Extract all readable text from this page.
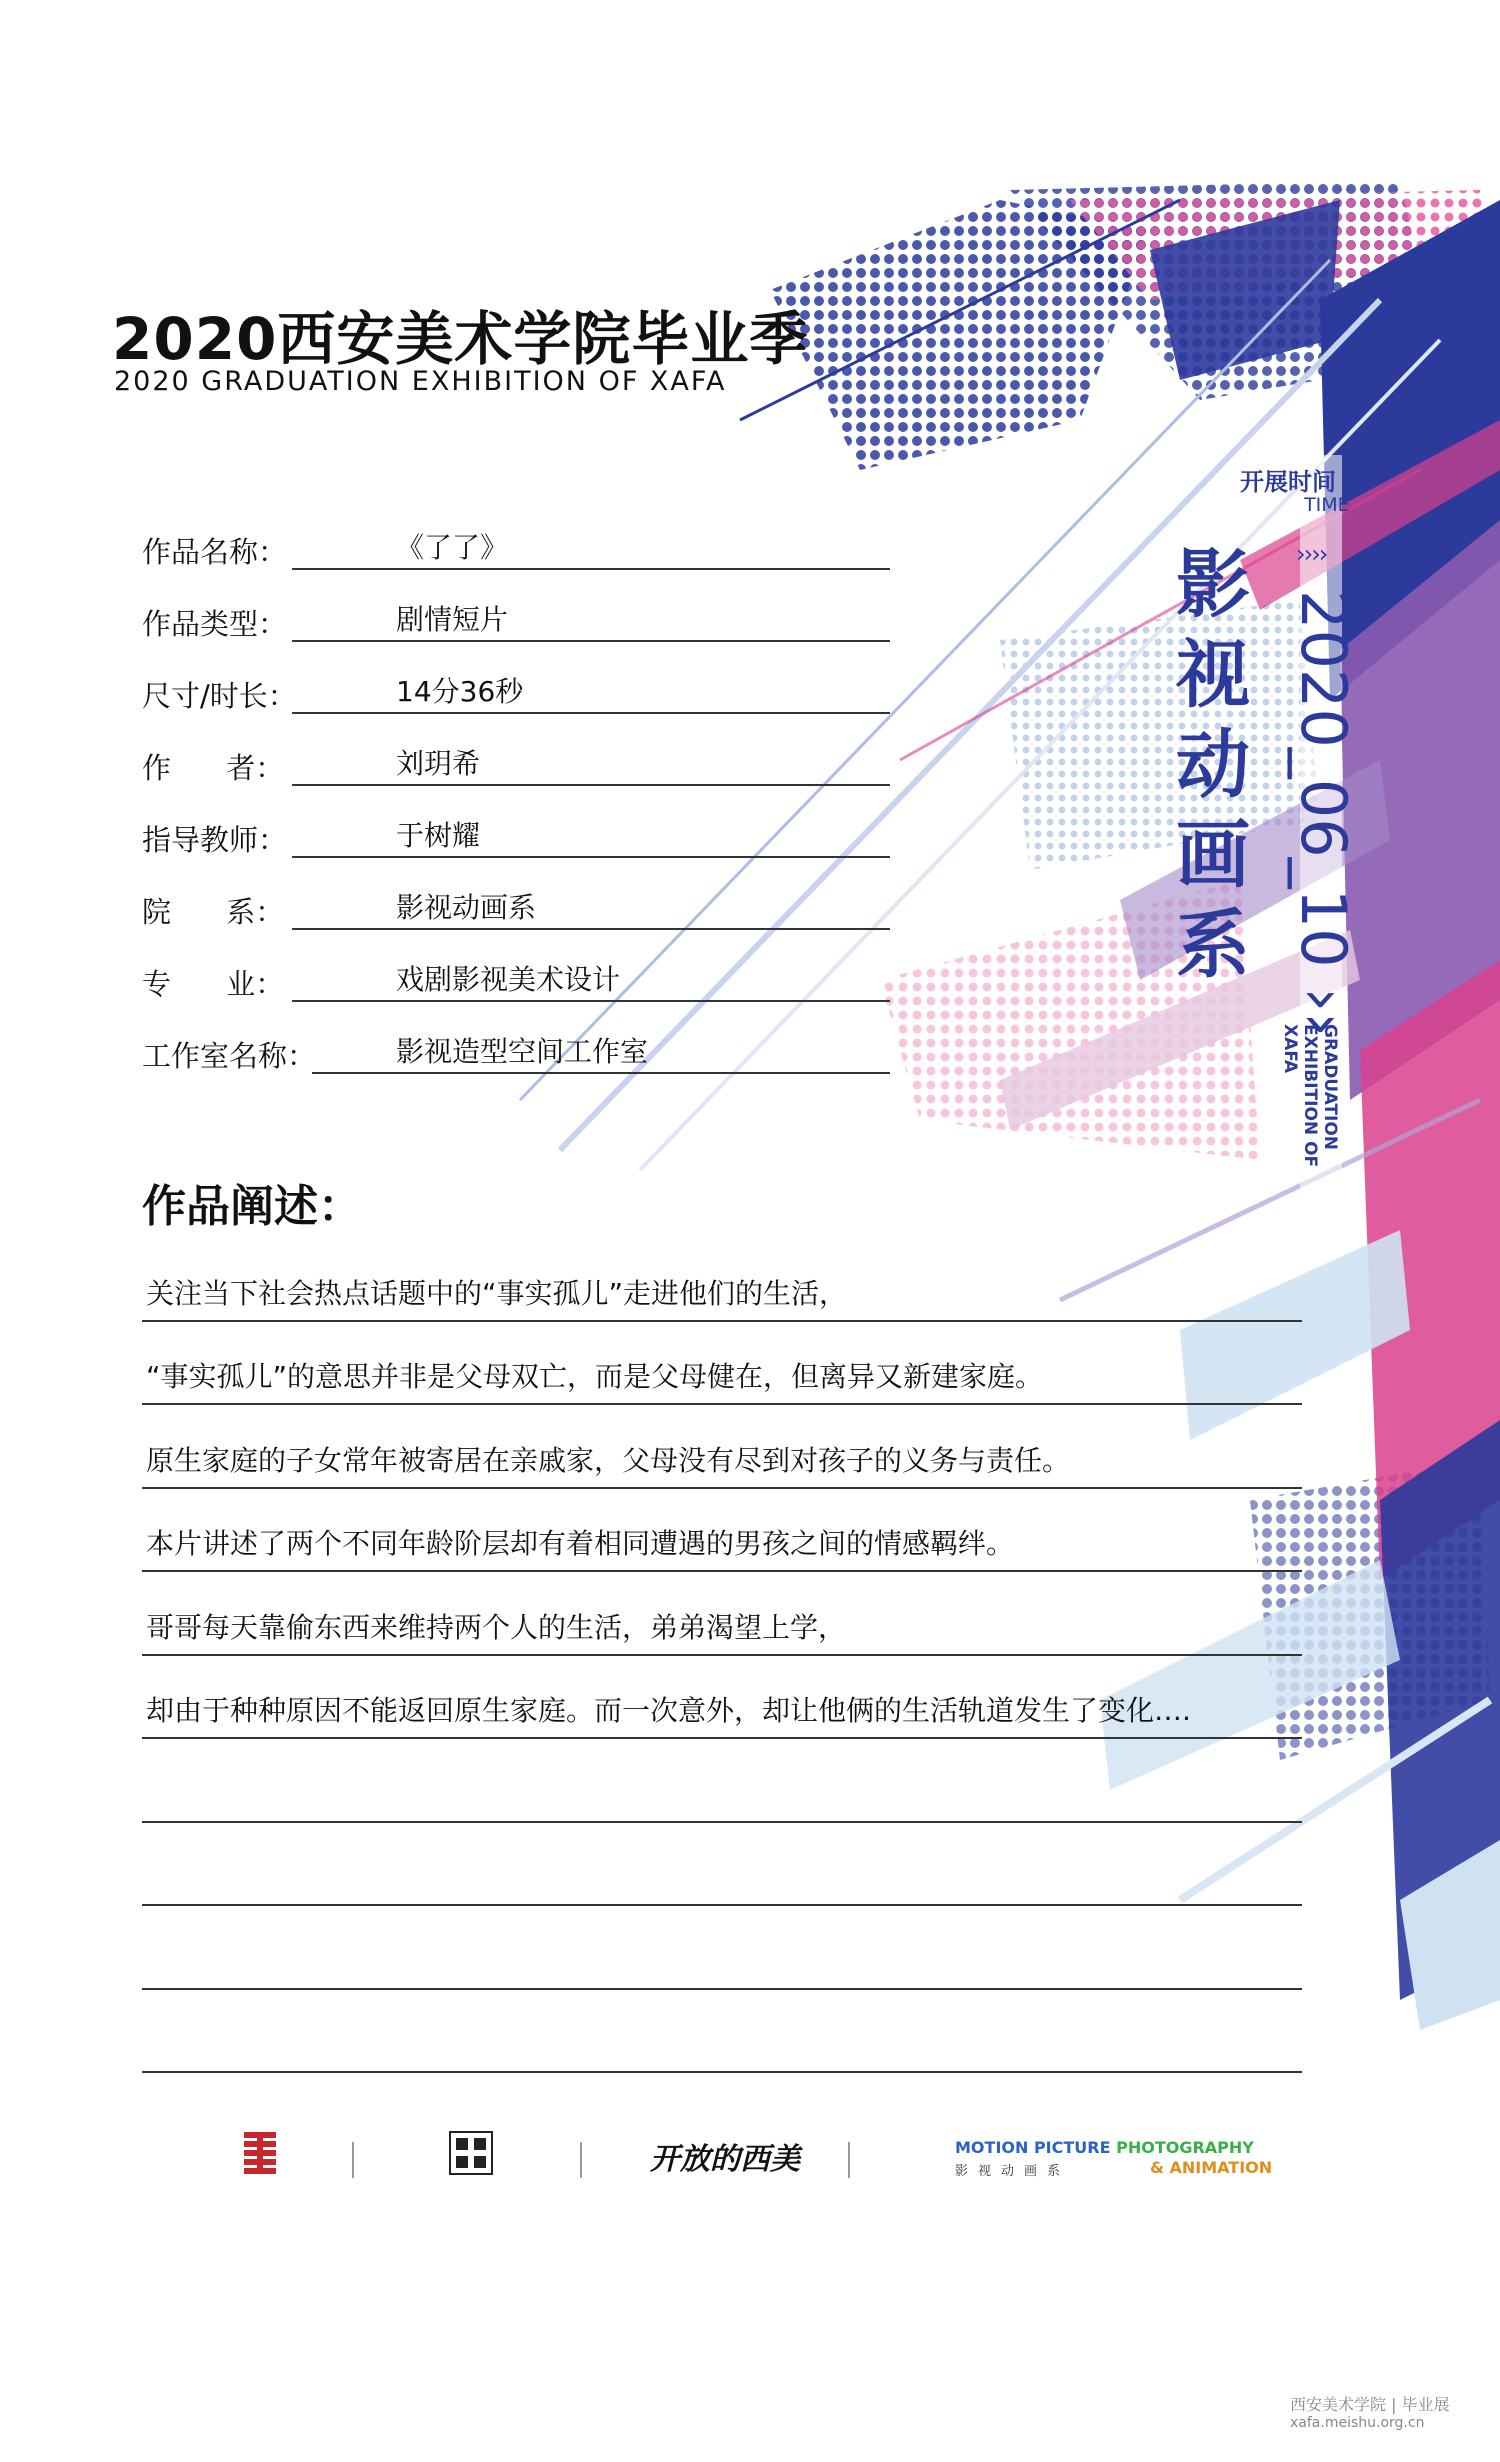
2020西安美术学院毕业季
2020 GRADUATION EXHIBITION OF XAFA
作品名称：	《了了》
作品类型：	剧情短片
尺寸/时长：	14分36秒
作      者：	刘玥希
指导教师：	于树耀
院      系：	影视动画系
专      业：	戏剧影视美术设计
工作室名称：	影视造型空间工作室
作品阐述：
关注当下社会热点话题中的“事实孤儿”走进他们的生活，
“事实孤儿”的意思并非是父母双亡，而是父母健在，但离异又新建家庭。
原生家庭的子女常年被寄居在亲戚家，父母没有尽到对孩子的义务与责任。
本片讲述了两个不同年龄阶层却有着相同遭遇的男孩之间的情感羁绊。
哥哥每天靠偷东西来维持两个人的生活，弟弟渴望上学，
却由于种种原因不能返回原生家庭。而一次意外，却让他俩的生活轨道发生了变化….
开展时间
TIME
››››
影视动画系 2020_06_10 ››
GRADUATION EXHIBITION OF XAFA
开放的西美	MOTION PICTURE PHOTOGRAPHY
影视动画系	& ANIMATION
西安美术学院 | 毕业展
xafa.meishu.org.cn
